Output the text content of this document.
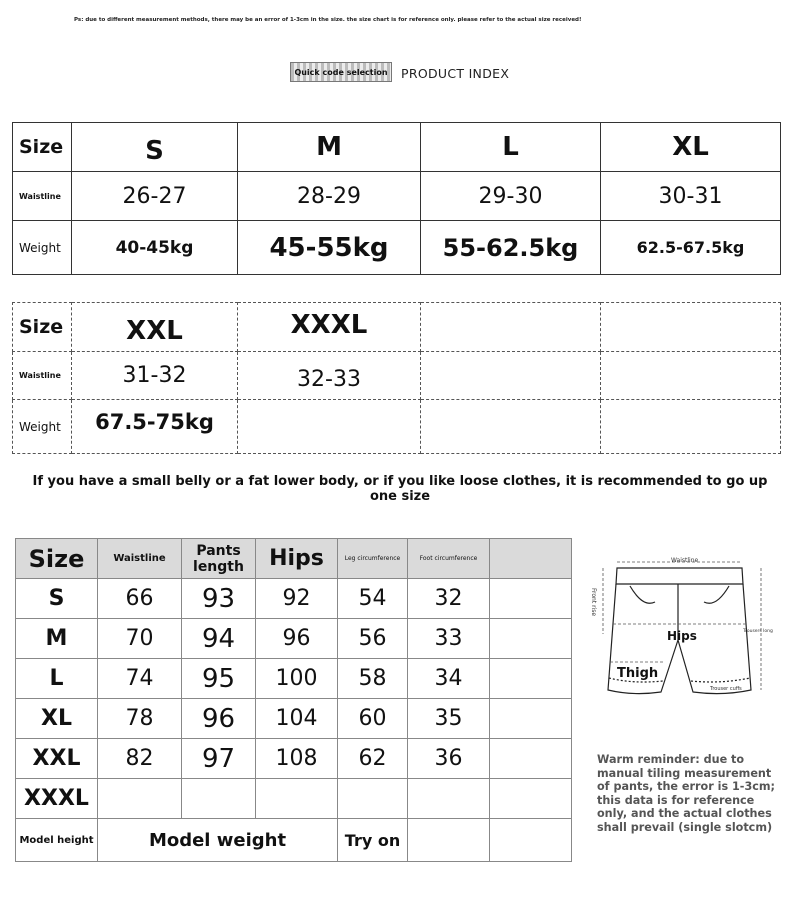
Ps: due to different measurement methods, there may be an error of 1-3cm in the size. the size chart is for reference only. please refer to the actual size received!
Quick code selection PRODUCT INDEX
Size	S	M	L	XL
Waistline	26-27	28-29	29-30	30-31
Weight	40-45kg	45-55kg	55-62.5kg	62.5-67.5kg
Size	XXL	XXXL		
Waistline	31-32	32-33		
Weight	67.5-75kg			
If you have a small belly or a fat lower body, or if you like loose clothes, it is recommended to go up one size
Size	Waistline	Pants length	Hips	Leg circumference	Foot circumference	
S	66	93	92	54	32	
M	70	94	96	56	33	
L	74	95	100	58	34	
XL	78	96	104	60	35	
XXL	82	97	108	62	36	
XXXL						
Model height	Model weight			Try on		
Waistline
Front rise
Hips
Thigh
Trousers long
Trouser cuffs
Warm reminder: due to manual tiling measurement of pants, the error is 1-3cm; this data is for reference only, and the actual clothes shall prevail (single slotcm)
